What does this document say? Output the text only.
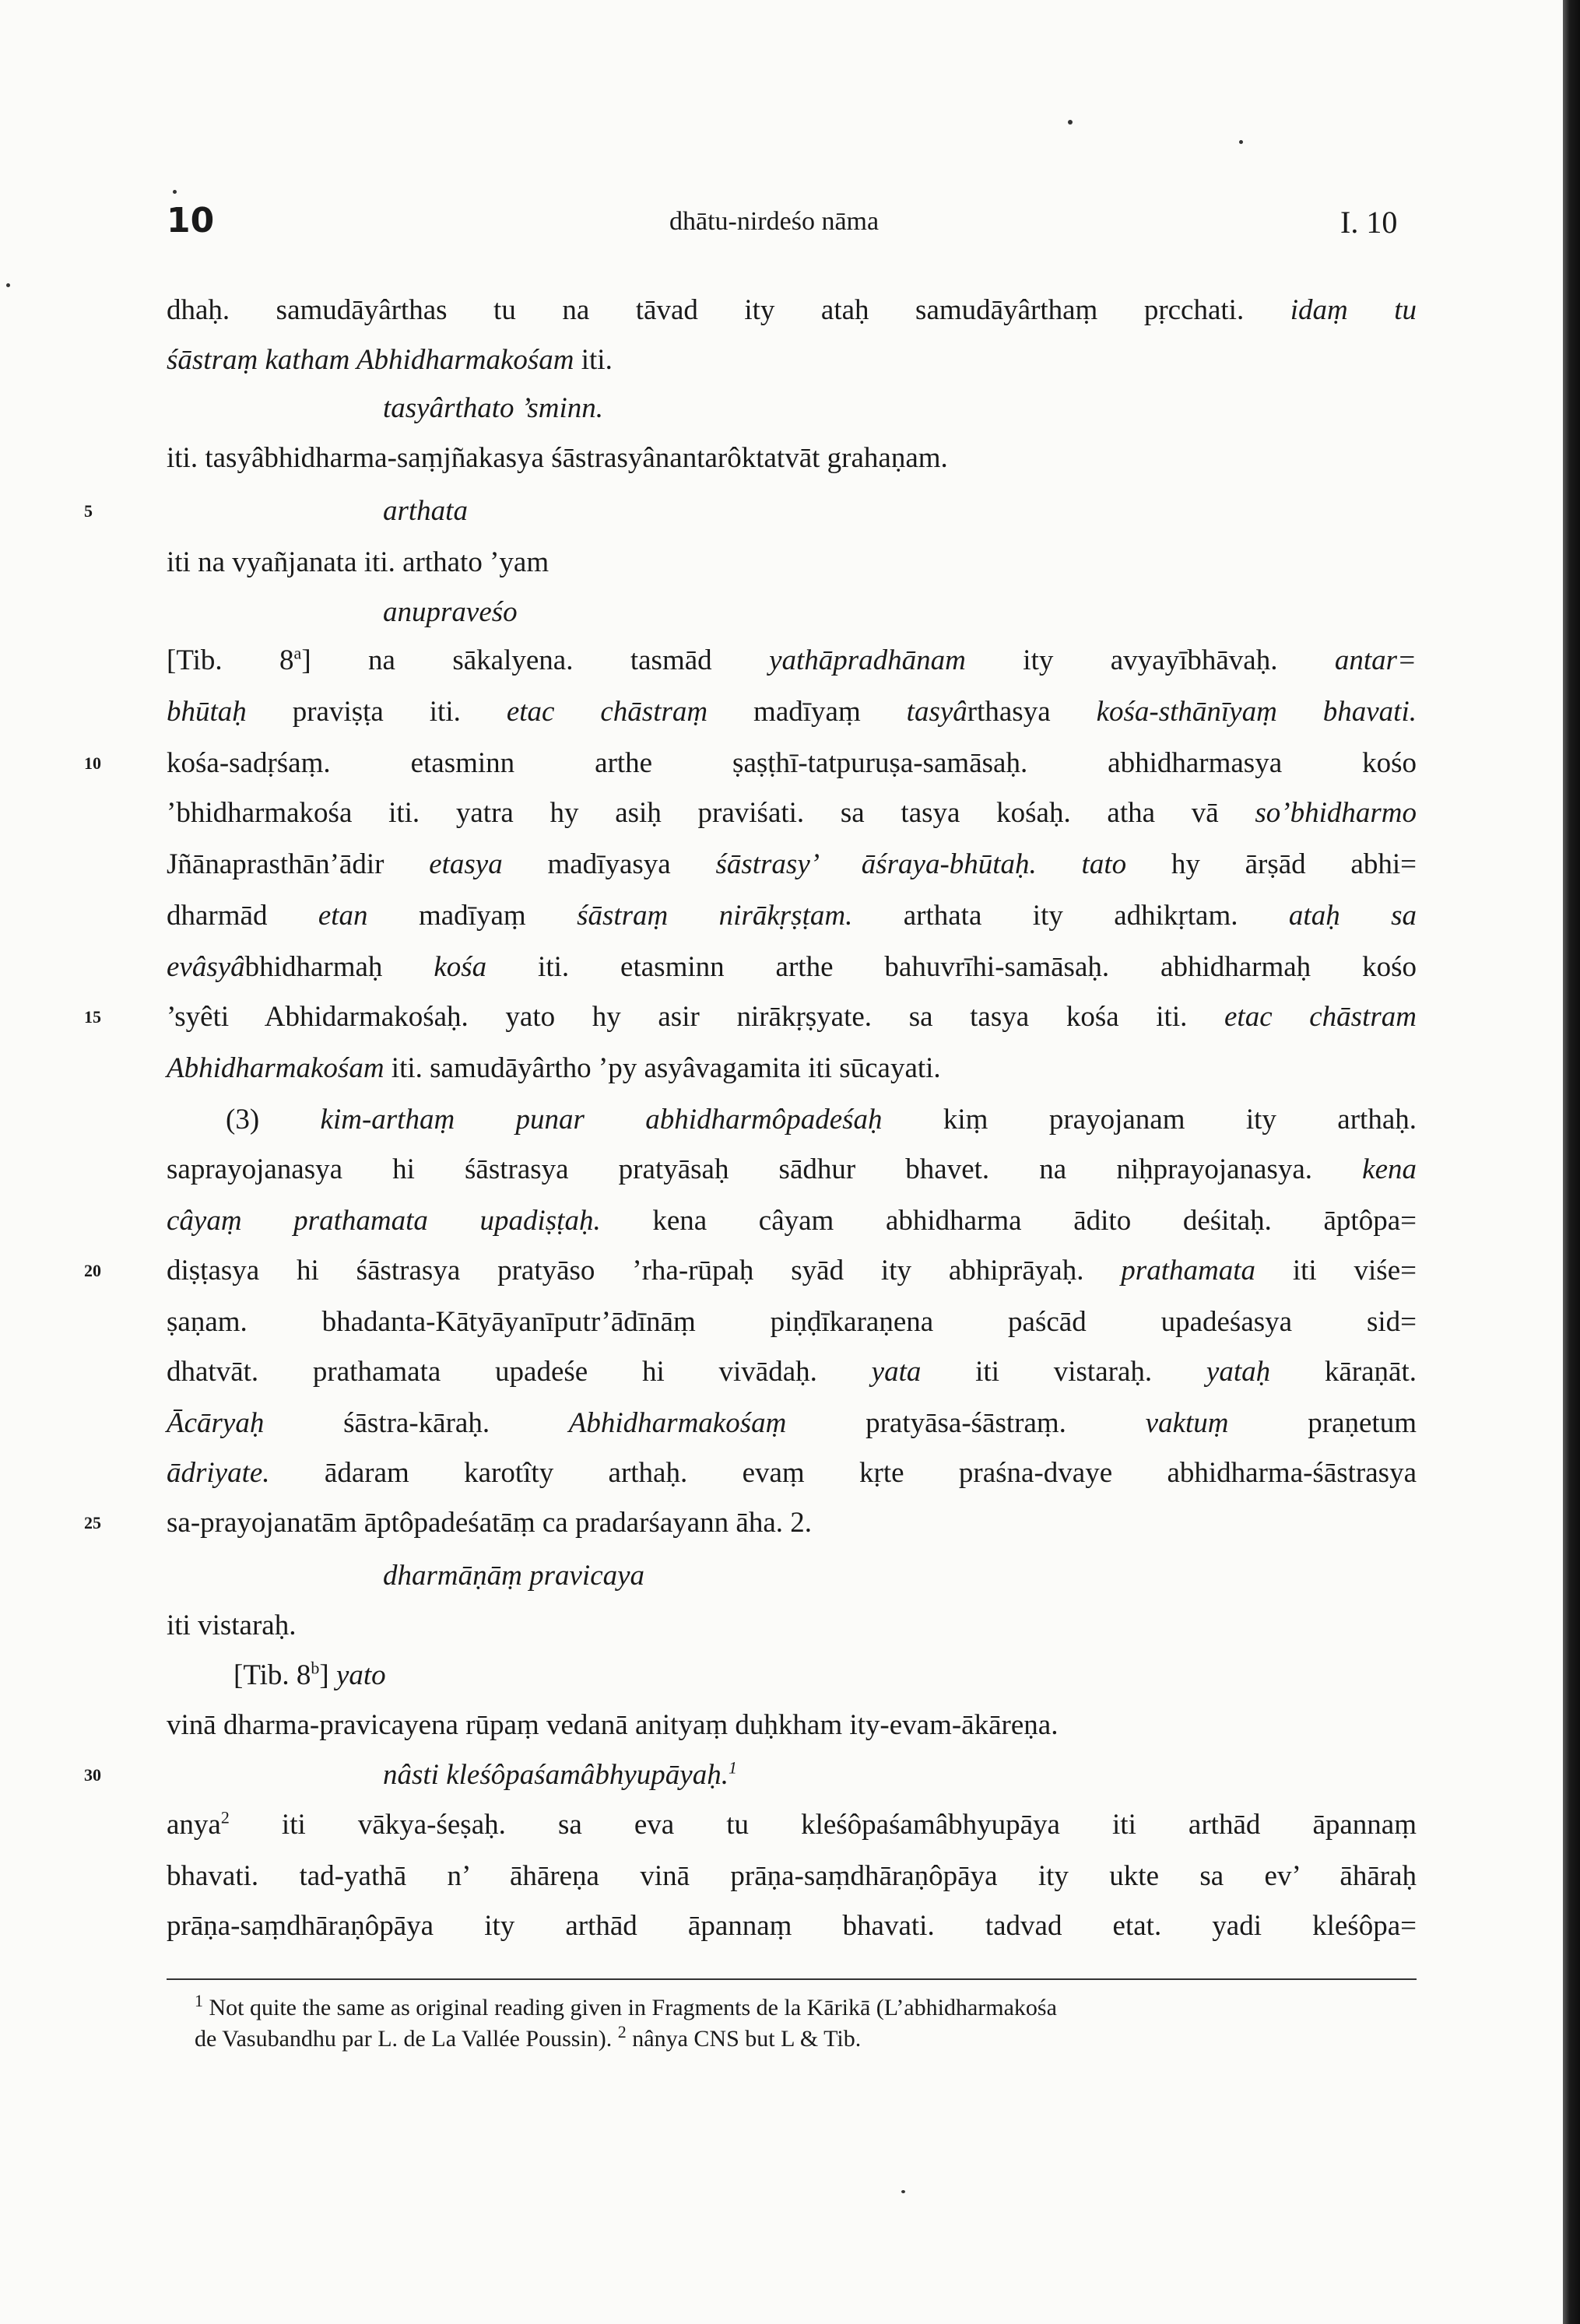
10	dhātu-nirdeśo nāma	I. 10
5
10
15
20
25
30
dhaḥ. samudāyârthas tu na tāvad ity ataḥ samudāyârthaṃ pṛcchati. idaṃ tu
śāstraṃ katham Abhidharmakośam iti.
tasyârthato ’sminn.
iti. tasyâbhidharma-saṃjñakasya śāstrasyânantarôktatvāt grahaṇam.
arthata
iti na vyañjanata iti. arthato ’yam
anupraveśo
[Tib. 8$^a$] na sākalyena. tasmād yathāpradhānam ity avyayībhāvaḥ. antar=
bhūtaḥ praviṣṭa iti. etac chāstraṃ madīyaṃ tasyârthasya kośa-sthānīyaṃ bhavati.
kośa-sadṛśaṃ. etasminn arthe ṣaṣṭhī-tatpuruṣa-samāsaḥ. abhidharmasya kośo
’bhidharmakośa iti. yatra hy asiḥ praviśati. sa tasya kośaḥ. atha vā so’bhidharmo
Jñānaprasthān’ādir etasya madīyasya śāstrasy’ āśraya-bhūtaḥ. tato hy ārṣād abhi=
dharmād etan madīyaṃ śāstraṃ nirākṛṣṭam. arthata ity adhikṛtam. ataḥ sa
evâsyâbhidharmaḥ kośa iti. etasminn arthe bahuvrīhi-samāsaḥ. abhidharmaḥ kośo
’syêti Abhidarmakośaḥ. yato hy asir nirākṛṣyate. sa tasya kośa iti. etac chāstram
Abhidharmakośam iti. samudāyârtho ’py asyâvagamita iti sūcayati.
(3) kim-arthaṃ punar abhidharmôpadeśaḥ kiṃ prayojanam ity arthaḥ.
saprayojanasya hi śāstrasya pratyāsaḥ sādhur bhavet. na niḥprayojanasya. kena
câyaṃ prathamata upadiṣṭaḥ. kena câyam abhidharma ādito deśitaḥ. āptôpa=
diṣṭasya hi śāstrasya pratyāso ’rha-rūpaḥ syād ity abhiprāyaḥ. prathamata iti viśe=
ṣaṇam. bhadanta-Kātyāyanīputr’ādīnāṃ piṇḍīkaraṇena paścād upadeśasya sid=
dhatvāt. prathamata upadeśe hi vivādaḥ. yata iti vistaraḥ. yataḥ kāraṇāt.
Ācāryaḥ śāstra-kāraḥ. Abhidharmakośaṃ pratyāsa-śāstraṃ. vaktuṃ praṇetum
ādriyate. ādaram karotîty arthaḥ. evaṃ kṛte praśna-dvaye abhidharma-śāstrasya
sa-prayojanatām āptôpadeśatāṃ ca pradarśayann āha. 2.
dharmāṇāṃ pravicaya
iti vistaraḥ.
[Tib. 8$^b$] yato
vinā dharma-pravicayena rūpaṃ vedanā anityaṃ duḥkham ity-evam-ākāreṇa.
nâsti kleśôpaśamâbhyupāyaḥ.$^1$
anya$^2$ iti vākya-śeṣaḥ. sa eva tu kleśôpaśamâbhyupāya iti arthād āpannaṃ
bhavati. tad-yathā n’ āhāreṇa vinā prāṇa-saṃdhāraṇôpāya ity ukte sa ev’ āhāraḥ
prāṇa-saṃdhāraṇôpāya ity arthād āpannaṃ bhavati. tadvad etat. yadi kleśôpa=
$^1$ Not quite the same as original reading given in Fragments de la Kārikā (L’abhidharmakośa
de Vasubandhu par L. de La Vallée Poussin). $^2$ nânya CNS but L & Tib.
